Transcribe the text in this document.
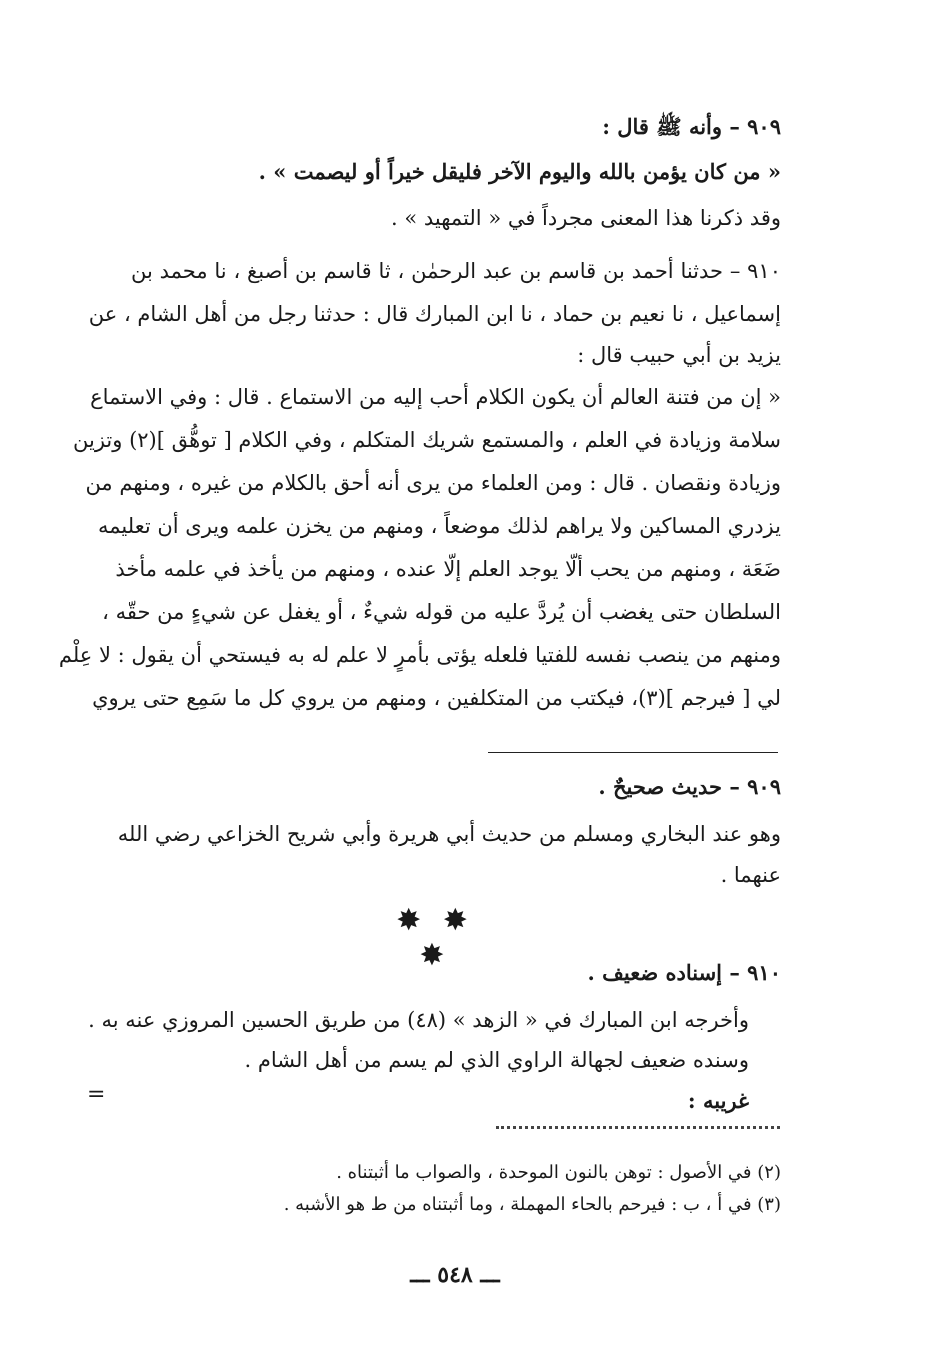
٩٠٩ – وأنه ﷺ قال :
« من كان يؤمن بالله واليوم الآخر فليقل خيراً أو ليصمت » .
وقد ذكرنا هذا المعنى مجرداً في « التمهيد » .
٩١٠ – حدثنا أحمد بن قاسم بن عبد الرحمٰن ، ثا قاسم بن أصبغ ، نا محمد بن
إسماعيل ، نا نعيم بن حماد ، نا ابن المبارك قال : حدثنا رجل من أهل الشام ، عن
يزيد بن أبي حبيب قال :
« إن من فتنة العالم أن يكون الكلام أحب إليه من الاستماع . قال : وفي الاستماع
سلامة وزيادة في العلم ، والمستمع شريك المتكلم ، وفي الكلام [ توهُّق ](٢) وتزين
وزيادة ونقصان . قال : ومن العلماء من يرى أنه أحق بالكلام من غيره ، ومنهم من
يزدري المساكين ولا يراهم لذلك موضعاً ، ومنهم من يخزن علمه ويرى أن تعليمه
ضَعَة ، ومنهم من يحب ألّا يوجد العلم إلّا عنده ، ومنهم من يأخذ في علمه مأخذ
السلطان حتى يغضب أن يُردَّ عليه من قوله شيءٌ ، أو يغفل عن شيءٍ من حقّه ،
ومنهم من ينصب نفسه للفتيا فلعله يؤتى بأمرٍ لا علم له به فيستحي أن يقول : لا عِلْم
لي [ فيرجم ](٣)، فيكتب من المتكلفين ، ومنهم من يروي كل ما سَمِع حتى يروي
٩٠٩ – حديث صحيحٌ .
وهو عند البخاري ومسلم من حديث أبي هريرة وأبي شريح الخزاعي رضي الله
عنهما .
✸ ✸ ✸	٩١٠ – إسناده ضعيف .
وأخرجه ابن المبارك في « الزهد » (٤٨) من طريق الحسين المروزي عنه به .
وسنده ضعيف لجهالة الراوي الذي لم يسم من أهل الشام .
غريبه :
=
(٢) في الأصول : توهن بالنون الموحدة ، والصواب ما أثبتناه .
(٣) في أ ، ب : فيرحم بالحاء المهملة ، وما أثبتناه من ط هو الأشبه .
ـــ ٥٤٨ ـــ
